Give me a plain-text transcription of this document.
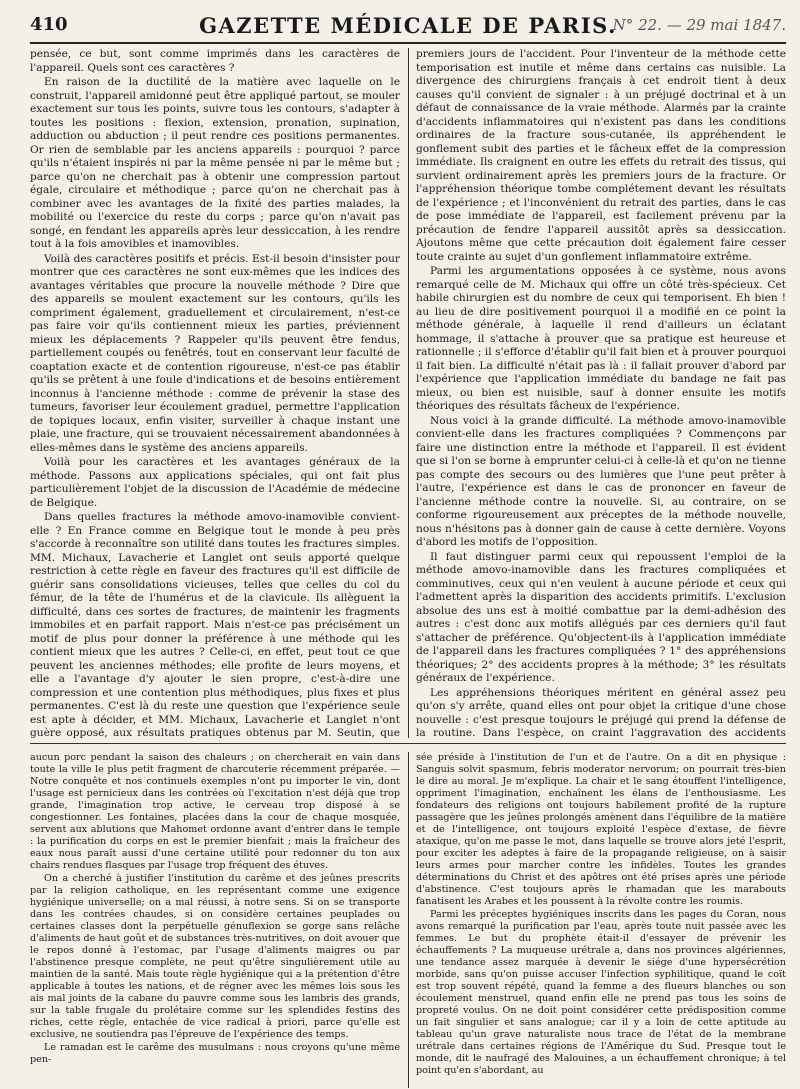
410	GAZETTE MÉDICALE DE PARIS.
N° 22. — 29 mai 1847.

pensée, ce but, sont comme imprimés dans les caractères de l'appareil. Quels sont ces caractères ?

En raison de la ductilité de la matière avec laquelle on le construit, l'appareil amidonné peut être appliqué partout, se mouler exactement sur tous les points, suivre tous les contours, s'adapter à toutes les positions : flexion, extension, pronation, supination, adduction ou abduction ; il peut rendre ces positions permanentes. Or rien de semblable par les anciens appareils : pourquoi ? parce qu'ils n'étaient inspirés ni par la même pensée ni par le même but ; parce qu'on ne cherchait pas à obtenir une compression partout égale, circulaire et méthodique ; parce qu'on ne cherchait pas à combiner avec les avantages de la fixité des parties malades, la mobilité ou l'exercice du reste du corps ; parce qu'on n'avait pas songé, en fendant les appareils après leur dessiccation, à les rendre tout à la fois amovibles et inamovibles.

Voilà des caractères positifs et précis. Est-il besoin d'insister pour montrer que ces caractères ne sont eux-mêmes que les indices des avantages véritables que procure la nouvelle méthode ? Dire que des appareils se moulent exactement sur les contours, qu'ils les compriment également, graduellement et circulairement, n'est-ce pas faire voir qu'ils contiennent mieux les parties, préviennent mieux les déplacements ? Rappeler qu'ils peuvent être fendus, partiellement coupés ou fenêtrés, tout en conservant leur faculté de coaptation exacte et de contention rigoureuse, n'est-ce pas établir qu'ils se prêtent à une foule d'indications et de besoins entièrement inconnus à l'ancienne méthode : comme de prévenir la stase des tumeurs, favoriser leur écoulement graduel, permettre l'application de topiques locaux, enfin visiter, surveiller à chaque instant une plaie, une fracture, qui se trouvaient nécessairement abandonnées à elles-mêmes dans le système des anciens appareils.

Voilà pour les caractères et les avantages généraux de la méthode. Passons aux applications spéciales, qui ont fait plus particulièrement l'objet de la discussion de l'Académie de médecine de Belgique.

Dans quelles fractures la méthode amovo-inamovible convient-elle ? En France comme en Belgique tout le monde à peu près s'accorde à reconnaître son utilité dans toutes les fractures simples. MM. Michaux, Lavacherie et Langlet ont seuls apporté quelque restriction à cette règle en faveur des fractures qu'il est difficile de guérir sans consolidations vicieuses, telles que celles du col du fémur, de la tête de l'humérus et de la clavicule. Ils allèguent la difficulté, dans ces sortes de fractures, de maintenir les fragments immobiles et en parfait rapport. Mais n'est-ce pas précisément un motif de plus pour donner la préférence à une méthode qui les contient mieux que les autres ? Celle-ci, en effet, peut tout ce que peuvent les anciennes méthodes; elle profite de leurs moyens, et elle a l'avantage d'y ajouter le sien propre, c'est-à-dire une compression et une contention plus méthodiques, plus fixes et plus permanentes. C'est là du reste une question que l'expérience seule est apte à décider, et MM. Michaux, Lavacherie et Langlet n'ont guère opposé, aux résultats pratiques obtenus par M. Seutin, que

premiers jours de l'accident. Pour l'inventeur de la méthode cette temporisation est inutile et même dans certains cas nuisible. La divergence des chirurgiens français à cet endroit tient à deux causes qu'il convient de signaler : à un préjugé doctrinal et à un défaut de connaissance de la vraie méthode. Alarmés par la crainte d'accidents inflammatoires qui n'existent pas dans les conditions ordinaires de la fracture sous-cutanée, ils appréhendent le gonflement subit des parties et le fâcheux effet de la compression immédiate. Ils craignent en outre les effets du retrait des tissus, qui survient ordinairement après les premiers jours de la fracture. Or l'appréhension théorique tombe complétement devant les résultats de l'expérience ; et l'inconvénient du retrait des parties, dans le cas de pose immédiate de l'appareil, est facilement prévenu par la précaution de fendre l'appareil aussitôt après sa dessiccation. Ajoutons même que cette précaution doit également faire cesser toute crainte au sujet d'un gonflement inflammatoire extrême.

Parmi les argumentations opposées à ce système, nous avons remarqué celle de M. Michaux qui offre un côté très-spécieux. Cet habile chirurgien est du nombre de ceux qui temporisent. Eh bien ! au lieu de dire positivement pourquoi il a modifié en ce point la méthode générale, à laquelle il rend d'ailleurs un éclatant hommage, il s'attache à prouver que sa pratique est heureuse et rationnelle ; il s'efforce d'établir qu'il fait bien et à prouver pourquoi il fait bien. La difficulté n'était pas là : il fallait prouver d'abord par l'expérience que l'application immédiate du bandage ne fait pas mieux, ou bien est nuisible, sauf à donner ensuite les motifs théoriques des résultats fâcheux de l'expérience.

Nous voici à la grande difficulté. La méthode amovo-inamovible convient-elle dans les fractures compliquées ? Commençons par faire une distinction entre la méthode et l'appareil. Il est évident que si l'on se borne à emprunter celui-ci à celle-là et qu'on ne tienne pas compte des secours ou des lumières que l'une peut prêter à l'autre, l'expérience est dans le cas de prononcer en faveur de l'ancienne méthode contre la nouvelle. Si, au contraire, on se conforme rigoureusement aux préceptes de la méthode nouvelle, nous n'hésitons pas à donner gain de cause à cette dernière. Voyons d'abord les motifs de l'opposition.

Il faut distinguer parmi ceux qui repoussent l'emploi de la méthode amovo-inamovible dans les fractures compliquées et comminutives, ceux qui n'en veulent à aucune période et ceux qui l'admettent après la disparition des accidents primitifs. L'exclusion absolue des uns est à moitié combattue par la demi-adhésion des autres : c'est donc aux motifs allégués par ces derniers qu'il faut s'attacher de préférence. Qu'objectent-ils à l'application immédiate de l'appareil dans les fractures compliquées ? 1° des appréhensions théoriques; 2° des accidents propres à la méthode; 3° les résultats généraux de l'expérience.

Les appréhensions théoriques méritent en général assez peu qu'on s'y arrête, quand elles ont pour objet la critique d'une chose nouvelle : c'est presque toujours le préjugé qui prend la défense de la routine. Dans l'espèce, on craint l'aggravation des accidents

aucun porc pendant la saison des chaleurs ; on chercherait en vain dans toute la ville le plus petit fragment de charcuterie récemment préparée. — Notre conquête et nos continuels exemples n'ont pu importer le vin, dont l'usage est pernicieux dans les contrées où l'excitation n'est déjà que trop grande, l'imagination trop active, le cerveau trop disposé à se congestionner. Les fontaines, placées dans la cour de chaque mosquée, servent aux ablutions que Mahomet ordonne avant d'entrer dans le temple : la purification du corps en est le premier bienfait ; mais la fraîcheur des eaux nous paraît aussi d'une certaine utilité pour redonner du ton aux chairs rendues flasques par l'usage trop fréquent des étuves.

On a cherché à justifier l'institution du carême et des jeûnes prescrits par la religion catholique, en les représentant comme une exigence hygiénique universelle; on a mal réussi, à notre sens. Si on se transporte dans les contrées chaudes, si on considère certaines peuplades ou certaines classes dont la perpétuelle génuflexion se gorge sans relâche d'aliments de haut goût et de substances très-nutritives, on doit avouer que le repos donné à l'estomac, par l'usage d'aliments maigres ou par l'abstinence presque complète, ne peut qu'être singulièrement utile au maintien de la santé. Mais toute règle hygiénique qui a la prétention d'être applicable à toutes les nations, et de régner avec les mêmes lois sous les ais mal joints de la cabane du pauvre comme sous les lambris des grands, sur la table frugale du prolétaire comme sur les splendides festins des riches, cette règle, entachée de vice radical à priori, parce qu'elle est exclusive, ne soutiendra pas l'épreuve de l'expérience des temps.

Le ramadan est le carême des musulmans : nous croyons qu'une même pen-

sée préside à l'institution de l'un et de l'autre. On a dit en physique : Sanguis solvit spasmum, febris moderator nervorum; on pourrait très-bien le dire au moral. Je m'explique. La chair et le sang étouffent l'intelligence, oppriment l'imagination, enchaînent les élans de l'enthousiasme. Les fondateurs des religions ont toujours habilement profité de la rupture passagère que les jeûnes prolongés amènent dans l'équilibre de la matière et de l'intelligence, ont toujours exploité l'espèce d'extase, de fièvre ataxique, qu'on me passe le mot, dans laquelle se trouve alors jeté l'esprit, pour exciter les adeptes à faire de la propagande religieuse, on à saisir leurs armes pour marcher contre les infidèles. Toutes les grandes déterminations du Christ et des apôtres ont été prises après une période d'abstinence. C'est toujours après le rhamadan que les marabouts fanatisent les Arabes et les poussent à la révolte contre les roumis.

Parmi les préceptes hygiéniques inscrits dans les pages du Coran, nous avons remarqué la purification par l'eau, après toute nuit passée avec les femmes. Le but du prophète était-il d'essayer de prévenir les échauffements ? La muqueuse urétrale a, dans nos provinces algériennes, une tendance assez marquée à devenir le siége d'une hypersécrétion morbide, sans qu'on puisse accuser l'infection syphilitique, quand le coït est trop souvent répété, quand la femme a des flueurs blanches ou son écoulement menstruel, quand enfin elle ne prend pas tous les soins de propreté voulus. On ne doit point considérer cette prédisposition comme un fait singulier et sans analogue; car il y a loin de cette aptitude au tableau qu'un grave naturaliste nous trace de l'état de la membrane urétrale dans certaines régions de l'Amérique du Sud. Presque tout le monde, dit le naufragé des Malouines, a un échauffement chronique; à tel point qu'en s'abordant, au
